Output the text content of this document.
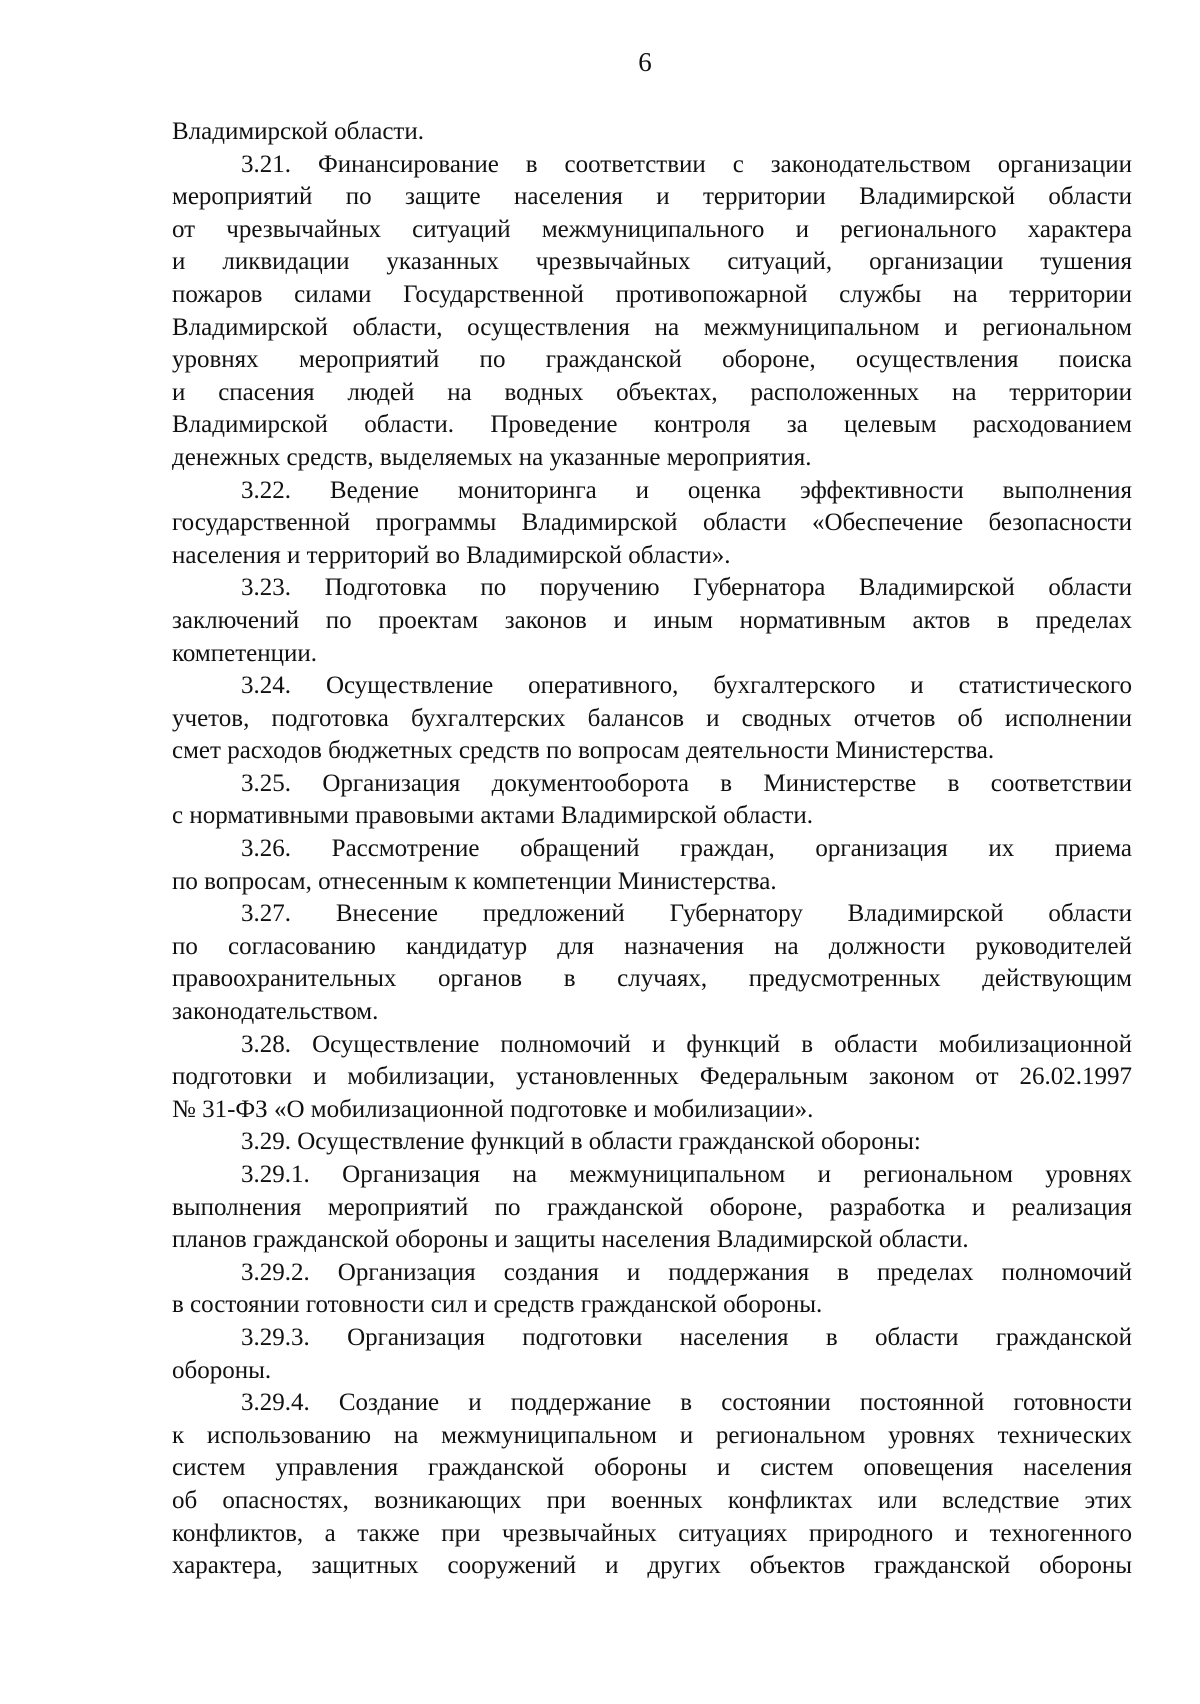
6
Владимирской области.
3.21. Финансирование в соответствии с законодательством организации
мероприятий по защите населения и территории Владимирской области
от чрезвычайных ситуаций межмуниципального и регионального характера
и ликвидации указанных чрезвычайных ситуаций, организации тушения
пожаров силами Государственной противопожарной службы на территории
Владимирской области, осуществления на межмуниципальном и региональном
уровнях мероприятий по гражданской обороне, осуществления поиска
и спасения людей на водных объектах, расположенных на территории
Владимирской области. Проведение контроля за целевым расходованием
денежных средств, выделяемых на указанные мероприятия.
3.22. Ведение мониторинга и оценка эффективности выполнения
государственной программы Владимирской области «Обеспечение безопасности
населения и территорий во Владимирской области».
3.23. Подготовка по поручению Губернатора Владимирской области
заключений по проектам законов и иным нормативным актов в пределах
компетенции.
3.24. Осуществление оперативного, бухгалтерского и статистического
учетов, подготовка бухгалтерских балансов и сводных отчетов об исполнении
смет расходов бюджетных средств по вопросам деятельности Министерства.
3.25. Организация документооборота в Министерстве в соответствии
с нормативными правовыми актами Владимирской области.
3.26. Рассмотрение обращений граждан, организация их приема
по вопросам, отнесенным к компетенции Министерства.
3.27. Внесение предложений Губернатору Владимирской области
по согласованию кандидатур для назначения на должности руководителей
правоохранительных органов в случаях, предусмотренных действующим
законодательством.
3.28. Осуществление полномочий и функций в области мобилизационной
подготовки и мобилизации, установленных Федеральным законом от 26.02.1997
№ 31-ФЗ «О мобилизационной подготовке и мобилизации».
3.29. Осуществление функций в области гражданской обороны:
3.29.1. Организация на межмуниципальном и региональном уровнях
выполнения мероприятий по гражданской обороне, разработка и реализация
планов гражданской обороны и защиты населения Владимирской области.
3.29.2. Организация создания и поддержания в пределах полномочий
в состоянии готовности сил и средств гражданской обороны.
3.29.3. Организация подготовки населения в области гражданской
обороны.
3.29.4. Создание и поддержание в состоянии постоянной готовности
к использованию на межмуниципальном и региональном уровнях технических
систем управления гражданской обороны и систем оповещения населения
об опасностях, возникающих при военных конфликтах или вследствие этих
конфликтов, а также при чрезвычайных ситуациях природного и техногенного
характера, защитных сооружений и других объектов гражданской обороны
